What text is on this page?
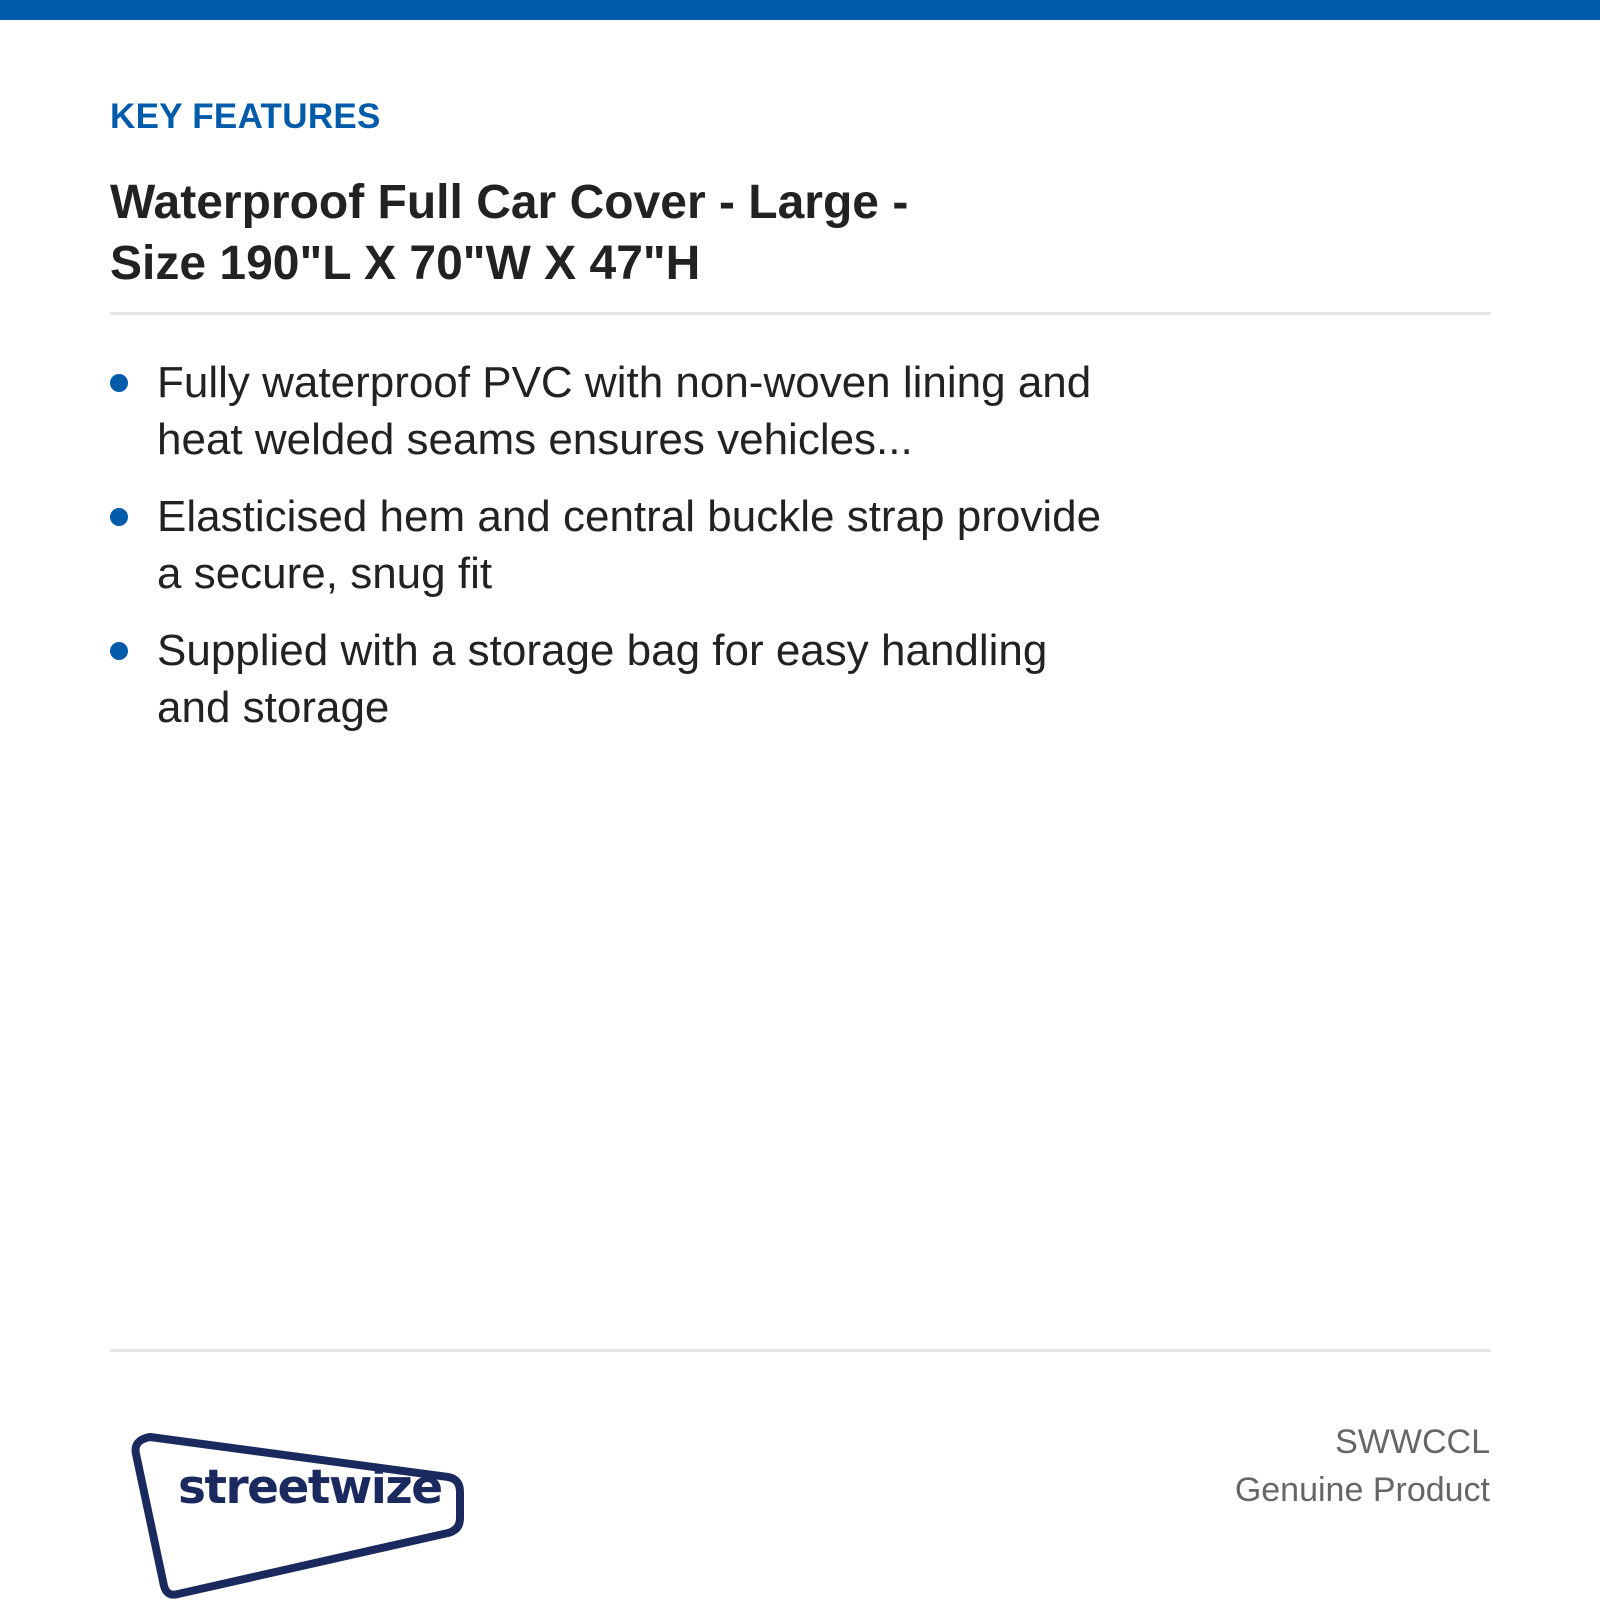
KEY FEATURES
Waterproof Full Car Cover - Large - Size 190"L X 70"W X 47"H
Fully waterproof PVC with non-woven lining and heat welded seams ensures vehicles...
Elasticised hem and central buckle strap provide a secure, snug fit
Supplied with a storage bag for easy handling and storage
streetwize
SWWCCL
Genuine Product
